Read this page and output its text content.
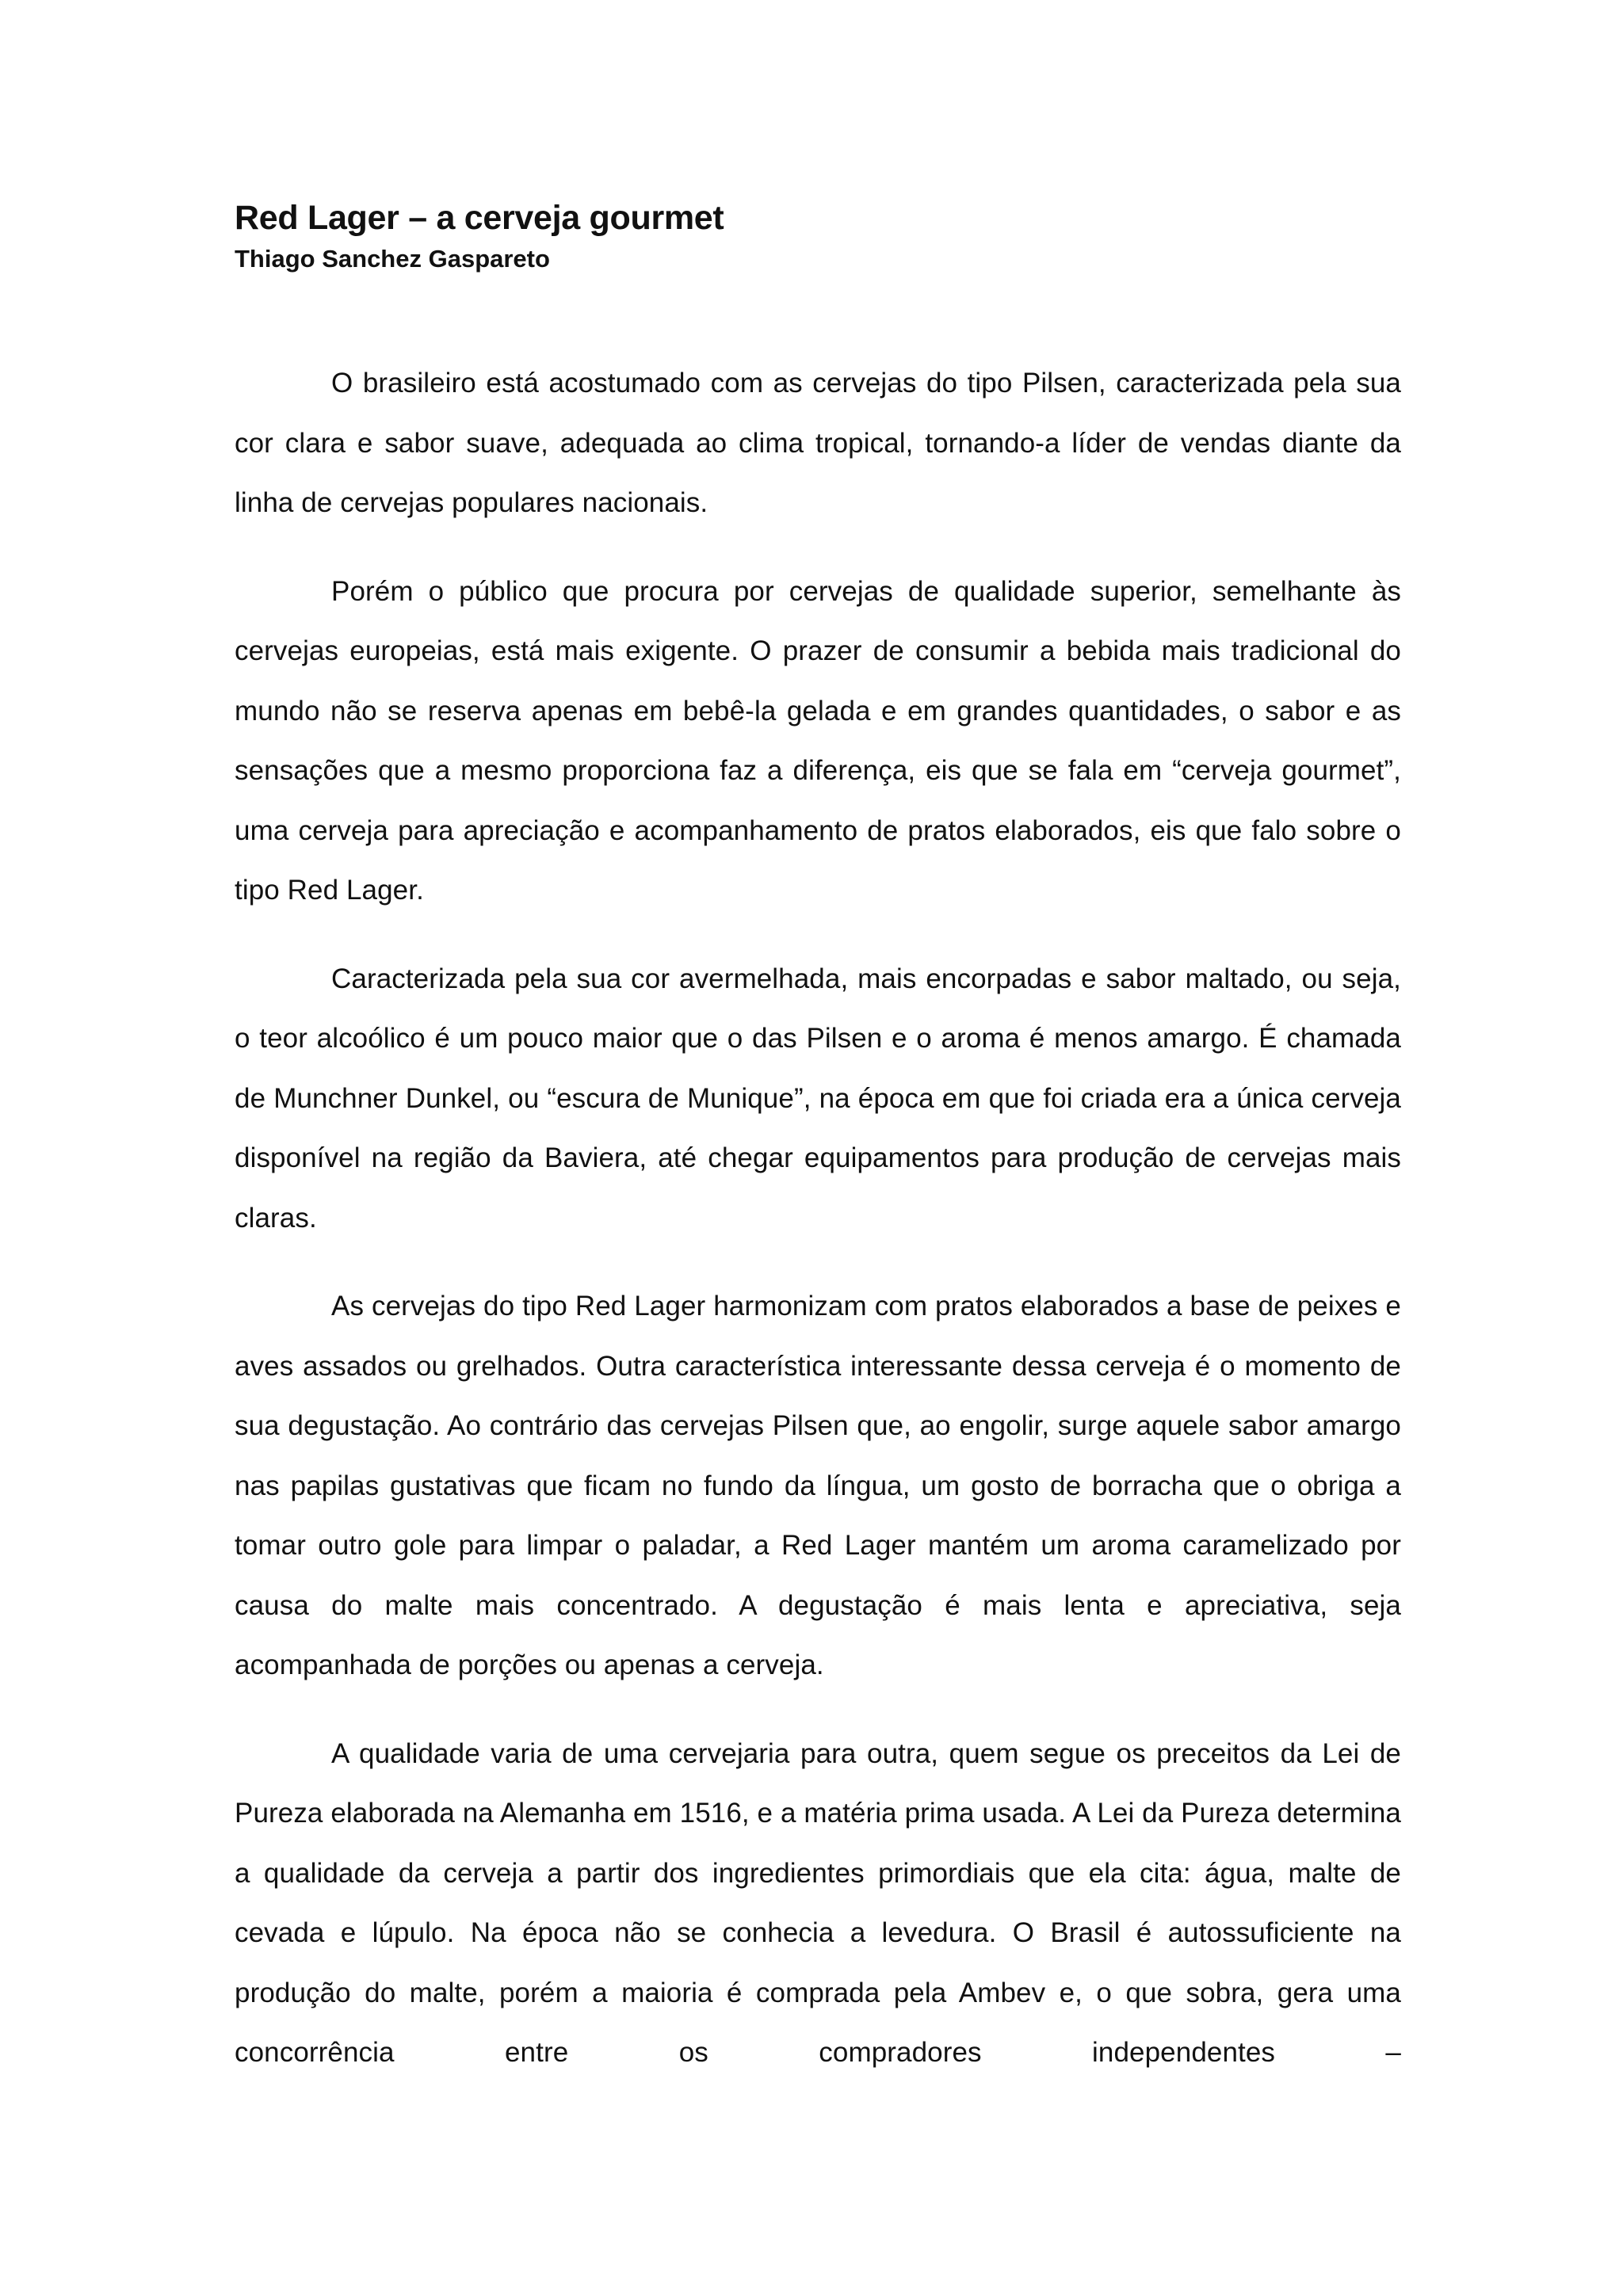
Red Lager – a cerveja gourmet
Thiago Sanchez Gaspareto

O brasileiro está acostumado com as cervejas do tipo Pilsen, caracterizada pela sua cor clara e sabor suave, adequada ao clima tropical, tornando-a líder de vendas diante da linha de cervejas populares nacionais.

Porém o público que procura por cervejas de qualidade superior, semelhante às cervejas europeias, está mais exigente. O prazer de consumir a bebida mais tradicional do mundo não se reserva apenas em bebê-la gelada e em grandes quantidades, o sabor e as sensações que a mesmo proporciona faz a diferença, eis que se fala em “cerveja gourmet”, uma cerveja para apreciação e acompanhamento de pratos elaborados, eis que falo sobre o tipo Red Lager.

Caracterizada pela sua cor avermelhada, mais encorpadas e sabor maltado, ou seja, o teor alcoólico é um pouco maior que o das Pilsen e o aroma é menos amargo. É chamada de Munchner Dunkel, ou “escura de Munique”, na época em que foi criada era a única cerveja disponível na região da Baviera, até chegar equipamentos para produção de cervejas mais claras.

As cervejas do tipo Red Lager harmonizam com pratos elaborados a base de peixes e aves assados ou grelhados. Outra característica interessante dessa cerveja é o momento de sua degustação. Ao contrário das cervejas Pilsen que, ao engolir, surge aquele sabor amargo nas papilas gustativas que ficam no fundo da língua, um gosto de borracha que o obriga a tomar outro gole para limpar o paladar, a Red Lager mantém um aroma caramelizado por causa do malte mais concentrado. A degustação é mais lenta e apreciativa, seja acompanhada de porções ou apenas a cerveja.

A qualidade varia de uma cervejaria para outra, quem segue os preceitos da Lei de Pureza elaborada na Alemanha em 1516, e a matéria prima usada. A Lei da Pureza determina a qualidade da cerveja a partir dos ingredientes primordiais que ela cita: água, malte de cevada e lúpulo. Na época não se conhecia a levedura. O Brasil é autossuficiente na produção do malte, porém a maioria é comprada pela Ambev e, o que sobra, gera uma concorrência entre os compradores independentes –
